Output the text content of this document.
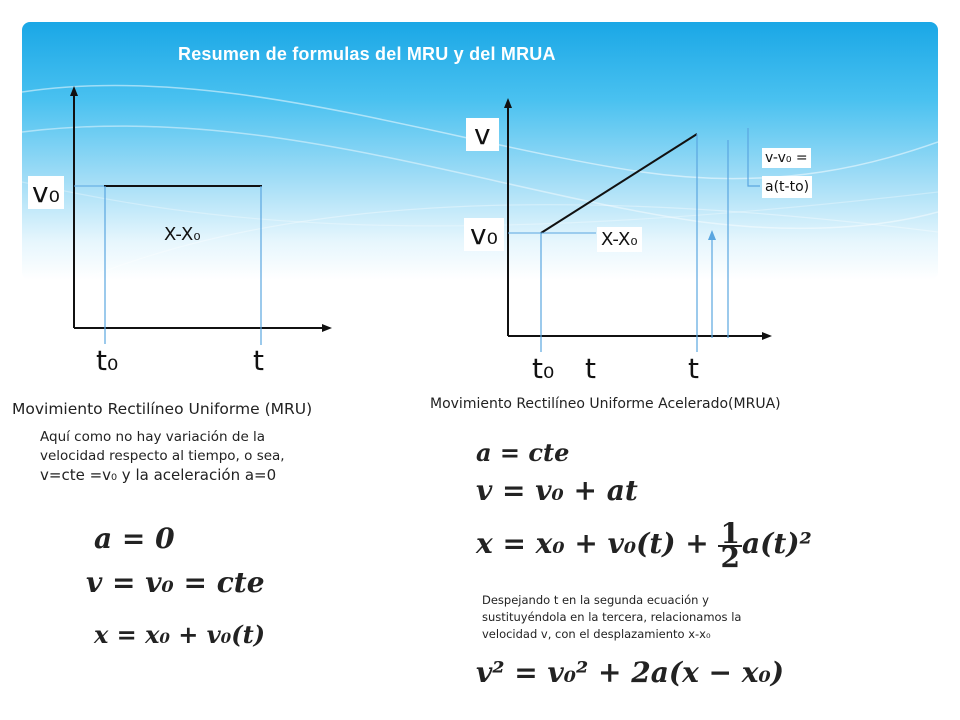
Resumen de formulas del MRU y del MRUA
v₀
X-X₀
t₀	t
v
v₀	X-X₀
v-v₀ =
a(t-to)
t₀ t	t
Movimiento Rectilíneo Uniforme (MRU)	Movimiento Rectilíneo Uniforme Acelerado(MRUA)
Aquí como no hay variación de la
velocidad respecto al tiempo, o sea,
v=cte =v₀ y la aceleración a=0
a = 0
v = v₀ = cte
x = x₀ + v₀(t)
a = cte
v = v₀ + at
$x = x_0 + v_0(t) + \frac{1}{2} a(t)^2$
Despejando t en la segunda ecuación y
sustituyéndola en la tercera, relacionamos la
velocidad v, con el desplazamiento x-x₀
v² = v₀² + 2a(x − x₀)
